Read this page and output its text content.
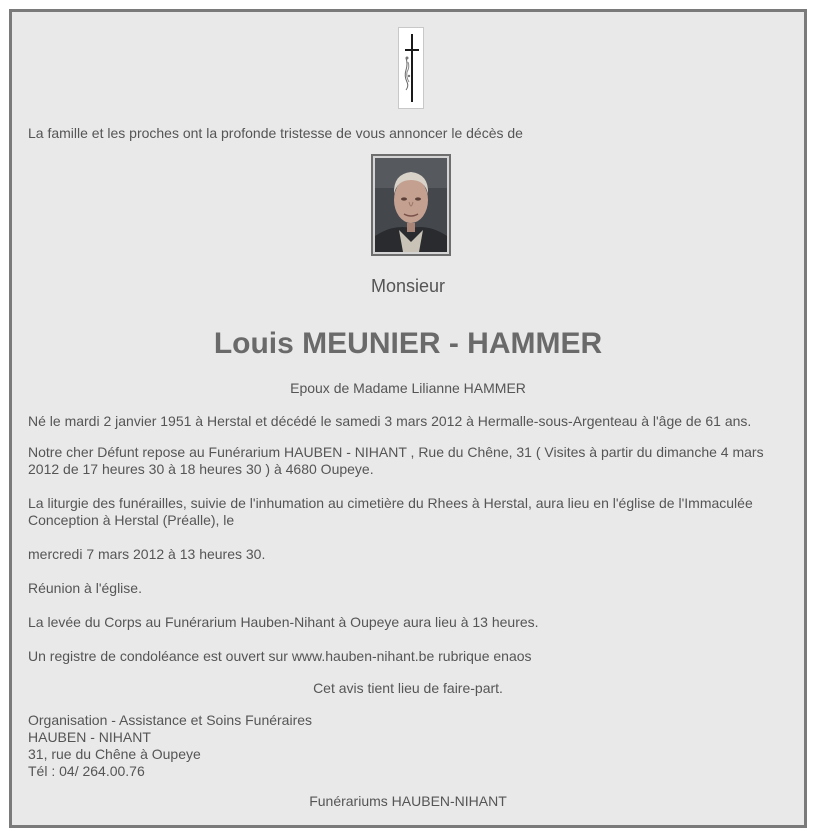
La famille et les proches ont la profonde tristesse de vous annoncer le décès de

Monsieur

Louis MEUNIER - HAMMER

Epoux de Madame Lilianne HAMMER

Né le mardi 2 janvier 1951 à Herstal et décédé le samedi 3 mars 2012 à Hermalle-sous-Argenteau à l'âge de 61 ans.

Notre cher Défunt repose au Funérarium HAUBEN - NIHANT , Rue du Chêne, 31 ( Visites à partir du dimanche 4 mars 2012 de 17 heures 30 à 18 heures 30 ) à 4680 Oupeye.

La liturgie des funérailles, suivie de l'inhumation au cimetière du Rhees à Herstal, aura lieu en l'église de l'Immaculée Conception à Herstal (Préalle), le

mercredi 7 mars 2012 à 13 heures 30.

Réunion à l'église.

La levée du Corps au Funérarium Hauben-Nihant à Oupeye aura lieu à 13 heures.

Un registre de condoléance est ouvert sur www.hauben-nihant.be rubrique enaos

Cet avis tient lieu de faire-part.

Organisation - Assistance et Soins Funéraires
HAUBEN - NIHANT
31, rue du Chêne à Oupeye
Tél : 04/ 264.00.76

Funérariums HAUBEN-NIHANT
